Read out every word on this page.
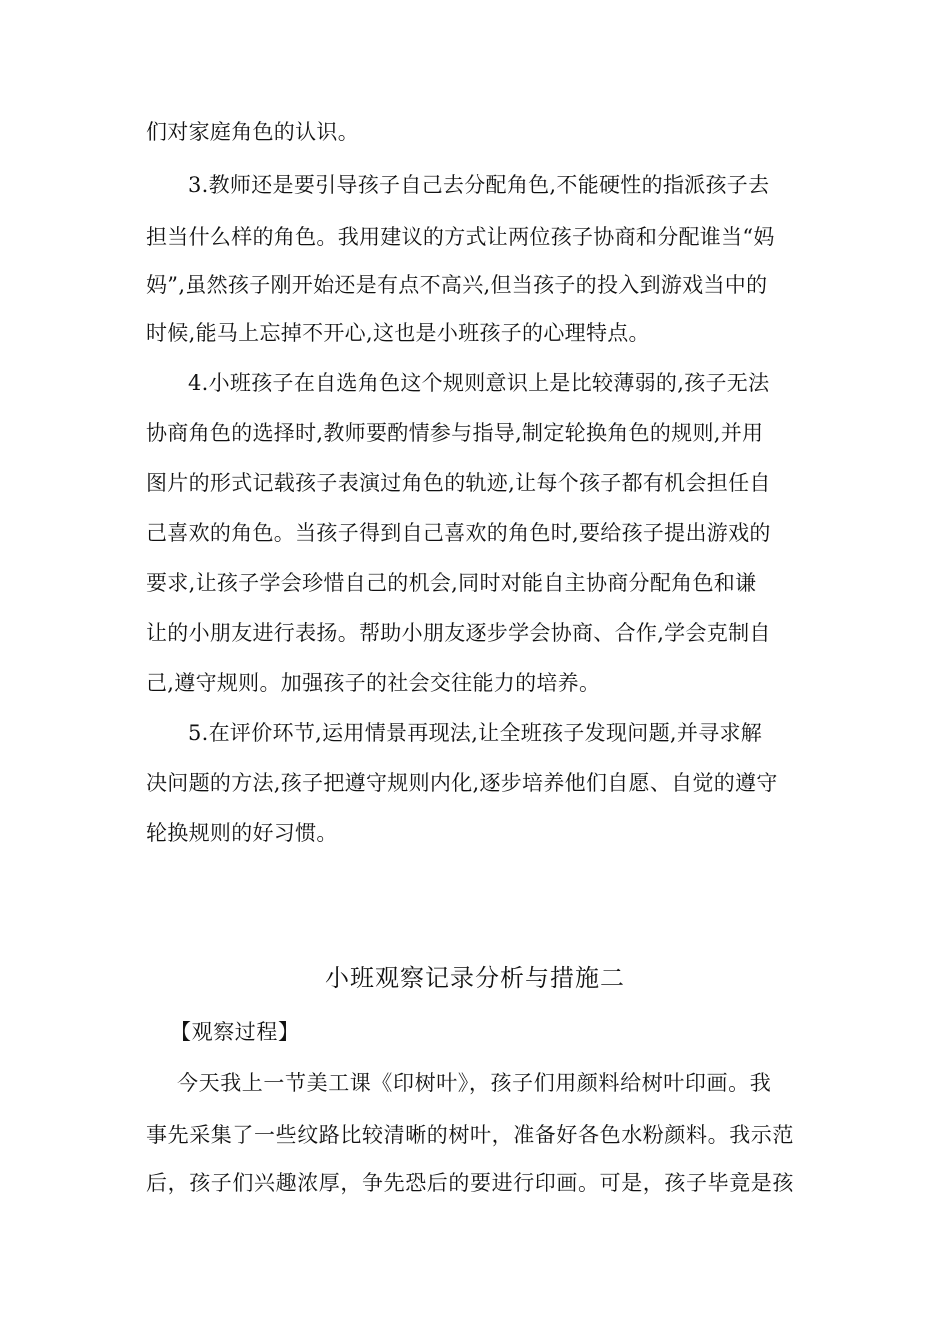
们对家庭角色的认识。
3.教师还是要引导孩子自己去分配角色,不能硬性的指派孩子去
担当什么样的角色。我用建议的方式让两位孩子协商和分配谁当“妈
妈”,虽然孩子刚开始还是有点不高兴,但当孩子的投入到游戏当中的
时候,能马上忘掉不开心,这也是小班孩子的心理特点。
4.小班孩子在自选角色这个规则意识上是比较薄弱的,孩子无法
协商角色的选择时,教师要酌情参与指导,制定轮换角色的规则,并用
图片的形式记载孩子表演过角色的轨迹,让每个孩子都有机会担任自
己喜欢的角色。当孩子得到自己喜欢的角色时,要给孩子提出游戏的
要求,让孩子学会珍惜自己的机会,同时对能自主协商分配角色和谦
让的小朋友进行表扬。帮助小朋友逐步学会协商、合作,学会克制自
己,遵守规则。加强孩子的社会交往能力的培养。
5.在评价环节,运用情景再现法,让全班孩子发现问题,并寻求解
决问题的方法,孩子把遵守规则内化,逐步培养他们自愿、自觉的遵守
轮换规则的好习惯。
小班观察记录分析与措施二
【观察过程】
今天我上一节美工课《印树叶》，孩子们用颜料给树叶印画。我
事先采集了一些纹路比较清晰的树叶，准备好各色水粉颜料。我示范
后，孩子们兴趣浓厚，争先恐后的要进行印画。可是，孩子毕竟是孩
